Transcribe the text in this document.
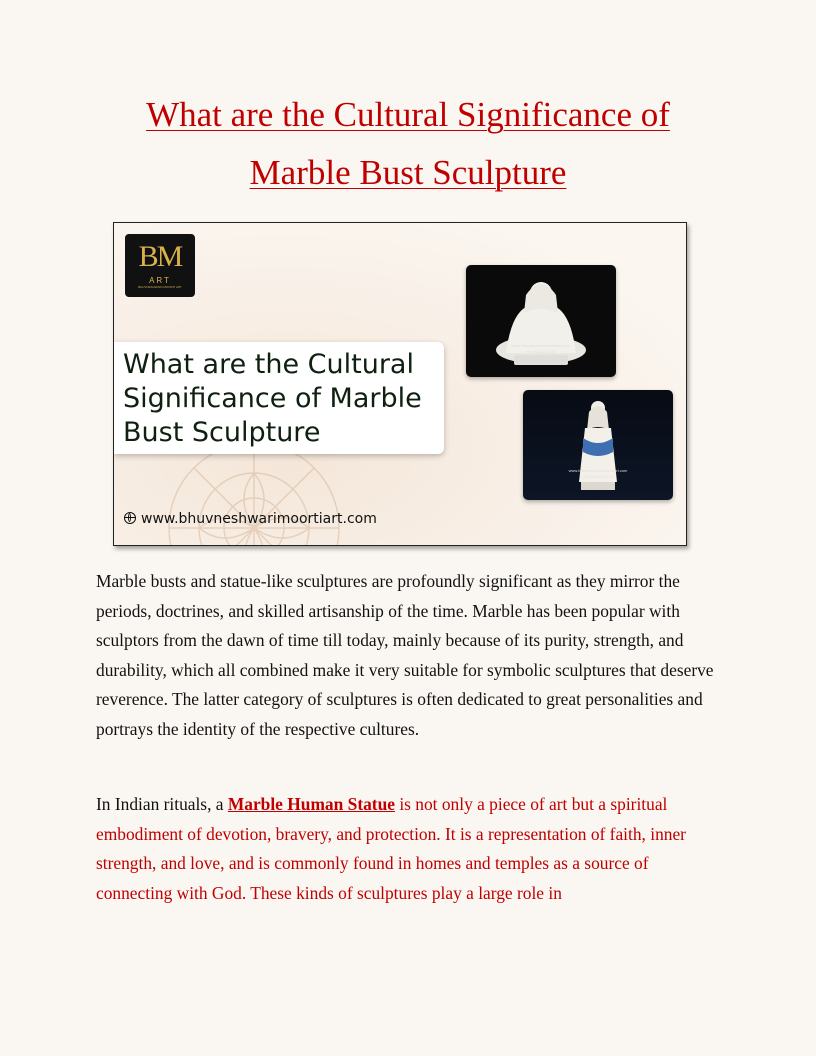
What are the Cultural Significance of
Marble Bust Sculpture
BM
ART
BHUVNESHWARI MOORTI ART
What are the Cultural Significance of Marble Bust Sculpture
www.bhuvneshwarimoortiart.com
+91 9314513710
www.bhuvneshwarimoortiart.com
+91 9314513710
www.bhuvneshwarimoortiart.com

Marble busts and statue-like sculptures are profoundly significant as they mirror the periods, doctrines, and skilled artisanship of the time. Marble has been popular with sculptors from the dawn of time till today, mainly because of its purity, strength, and durability, which all combined make it very suitable for symbolic sculptures that deserve reverence. The latter category of sculptures is often dedicated to great personalities and portrays the identity of the respective cultures.

In Indian rituals, a Marble Human Statue is not only a piece of art but a spiritual embodiment of devotion, bravery, and protection. It is a representation of faith, inner strength, and love, and is commonly found in homes and temples as a source of connecting with God. These kinds of sculptures play a large role in
